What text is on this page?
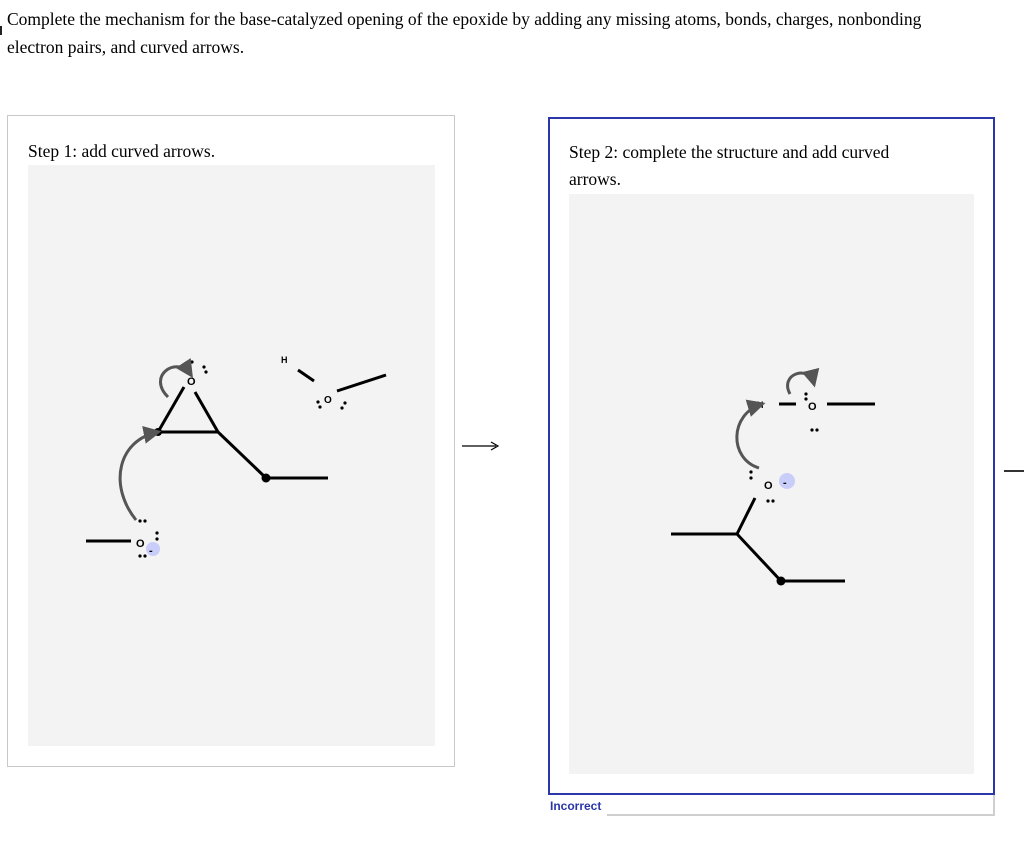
Complete the mechanism for the base-catalyzed opening of the epoxide by adding any missing atoms, bonds, charges, nonbonding
electron pairs, and curved arrows.
Step 1: add curved arrows.
O
H
O
O
-
Step 2: complete the structure and add curved arrows.
H	O
O -
Incorrect
